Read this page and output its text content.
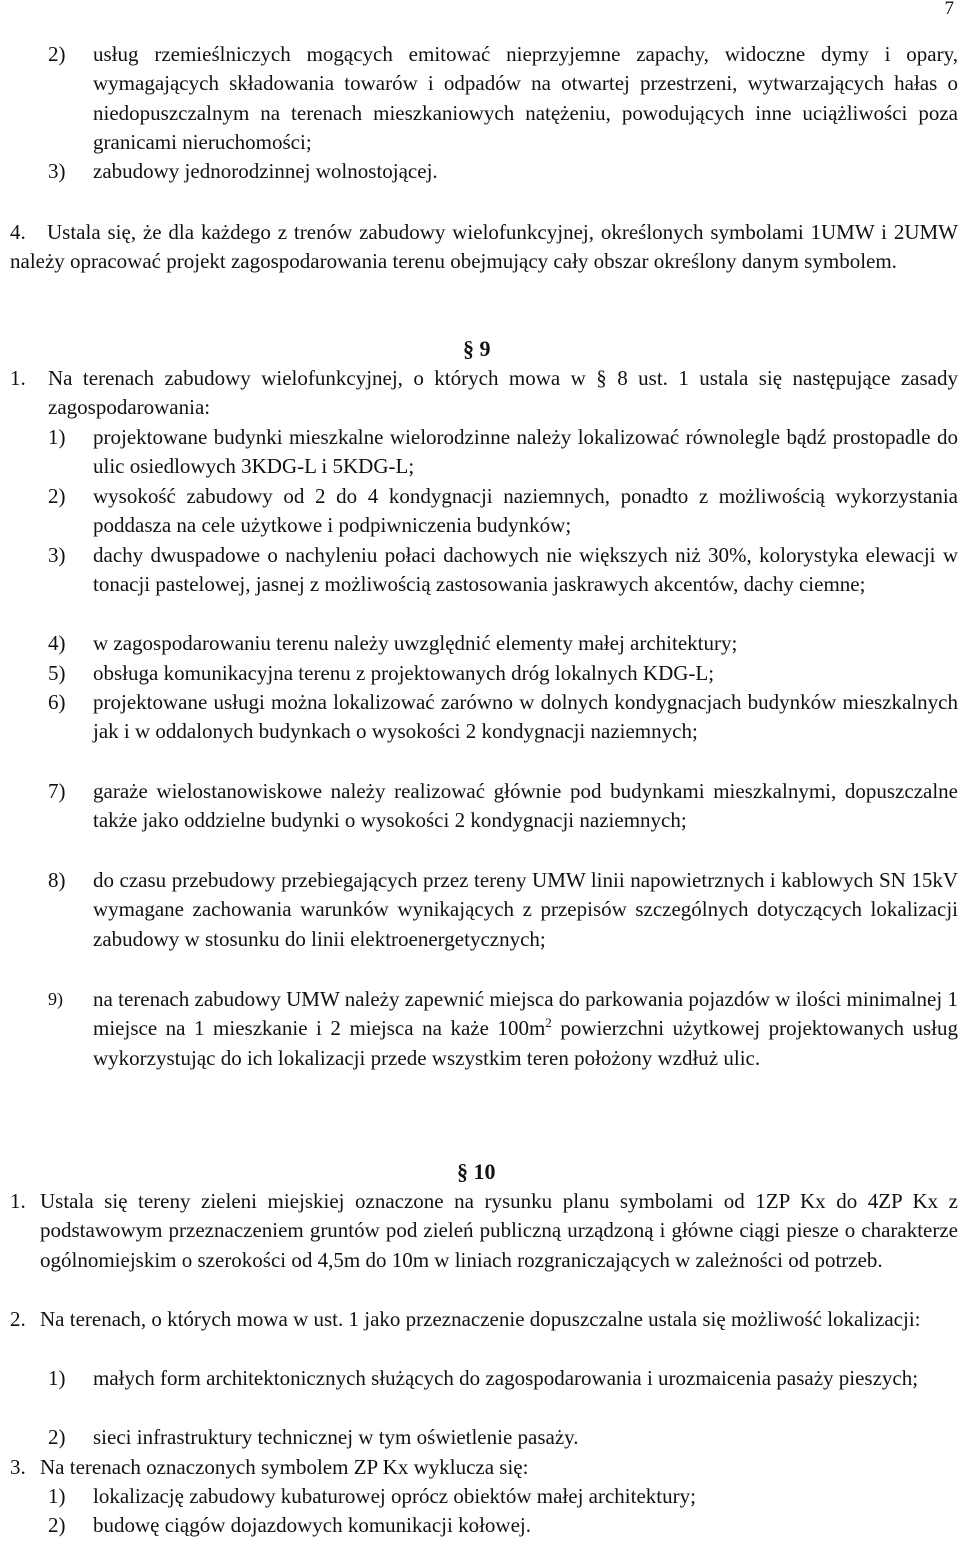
7
2) usług rzemieślniczych mogących emitować nieprzyjemne zapachy, widoczne dymy i opary, wymagających składowania towarów i odpadów na otwartej przestrzeni, wytwarzających hałas o niedopuszczalnym na terenach mieszkaniowych natężeniu, powodujących inne uciążliwości poza granicami nieruchomości;
3) zabudowy jednorodzinnej wolnostojącej.
4.	Ustala się, że dla każdego z trenów zabudowy wielofunkcyjnej, określonych symbolami 1UMW i 2UMW należy opracować projekt zagospodarowania terenu obejmujący cały obszar określony danym symbolem.
§ 9
1. Na terenach zabudowy wielofunkcyjnej, o których mowa w § 8 ust. 1 ustala się następujące zasady zagospodarowania:
1) projektowane budynki mieszkalne wielorodzinne należy lokalizować równolegle bądź prostopadle do ulic osiedlowych 3KDG-L i 5KDG-L;
2) wysokość zabudowy od 2 do 4 kondygnacji naziemnych, ponadto z możliwością wykorzystania poddasza na cele użytkowe i podpiwniczenia budynków;
3) dachy dwuspadowe o nachyleniu połaci dachowych nie większych niż 30%, kolorystyka elewacji w tonacji pastelowej, jasnej z możliwością zastosowania jaskrawych akcentów, dachy ciemne;
4) w zagospodarowaniu terenu należy uwzględnić elementy małej architektury;
5) obsługa komunikacyjna terenu z projektowanych dróg lokalnych KDG-L;
6) projektowane usługi można lokalizować zarówno w dolnych kondygnacjach budynków mieszkalnych jak i w oddalonych budynkach o wysokości 2 kondygnacji naziemnych;
7) garaże wielostanowiskowe należy realizować głównie pod budynkami mieszkalnymi, dopuszczalne także jako oddzielne budynki o wysokości 2 kondygnacji naziemnych;
8) do czasu przebudowy przebiegających przez tereny UMW linii napowietrznych i kablowych SN 15kV wymagane zachowania warunków wynikających z przepisów szczególnych dotyczących lokalizacji zabudowy w stosunku do linii elektroenergetycznych;
9) na terenach zabudowy UMW należy zapewnić miejsca do parkowania pojazdów w ilości minimalnej 1 miejsce na 1 mieszkanie i 2 miejsca na każe $100m^2$ powierzchni użytkowej projektowanych usług wykorzystując do ich lokalizacji przede wszystkim teren położony wzdłuż ulic.
§ 10
1. Ustala się tereny zieleni miejskiej oznaczone na rysunku planu symbolami od 1ZP Kx do 4ZP Kx z podstawowym przeznaczeniem gruntów pod zieleń publiczną urządzoną i główne ciągi piesze o charakterze ogólnomiejskim o szerokości od 4,5m do 10m w liniach rozgraniczających w zależności od potrzeb.
2. Na terenach, o których mowa w ust. 1 jako przeznaczenie dopuszczalne ustala się możliwość lokalizacji:
1) małych form architektonicznych służących do zagospodarowania i urozmaicenia pasaży pieszych;
2) sieci infrastruktury technicznej w tym oświetlenie pasaży.
3. Na terenach oznaczonych symbolem ZP Kx wyklucza się:
1) lokalizację zabudowy kubaturowej oprócz obiektów małej architektury;
2) budowę ciągów dojazdowych komunikacji kołowej.
